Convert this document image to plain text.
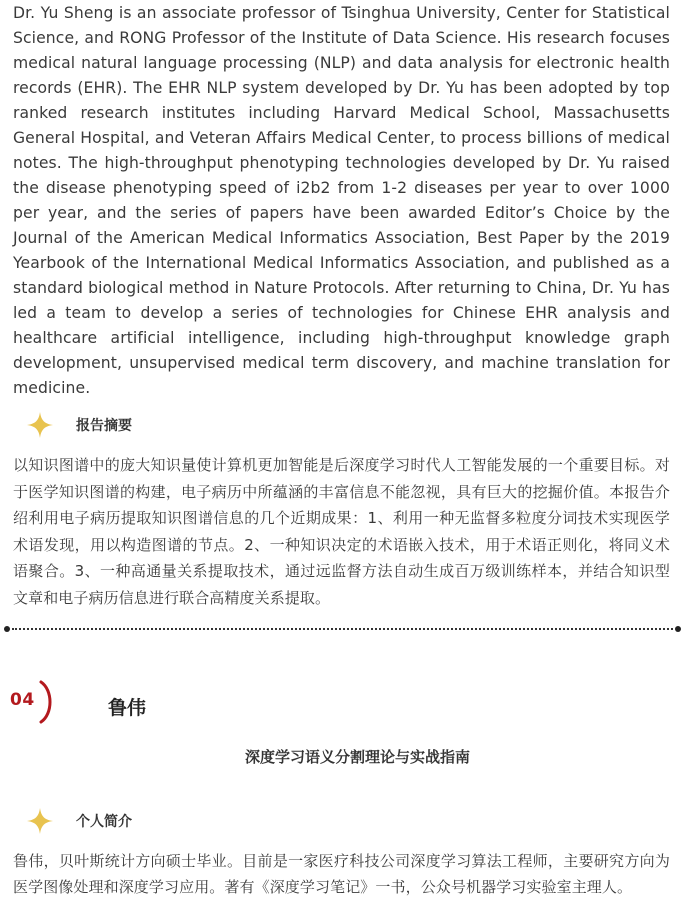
Dr. Yu Sheng is an associate professor of Tsinghua University, Center for Statistical Science, and RONG Professor of the Institute of Data Science. His research focuses medical natural language processing (NLP) and data analysis for electronic health records (EHR). The EHR NLP system developed by Dr. Yu has been adopted by top ranked research institutes including Harvard Medical School, Massachusetts General Hospital, and Veteran Affairs Medical Center, to process billions of medical notes. The high-throughput phenotyping technologies developed by Dr. Yu raised the disease phenotyping speed of i2b2 from 1-2 diseases per year to over 1000 per year, and the series of papers have been awarded Editor’s Choice by the Journal of the American Medical Informatics Association, Best Paper by the 2019 Yearbook of the International Medical Informatics Association, and published as a standard biological method in Nature Protocols. After returning to China, Dr. Yu has led a team to develop a series of technologies for Chinese EHR analysis and healthcare artificial intelligence, including high-throughput knowledge graph development, unsupervised medical term discovery, and machine translation for medicine.

报告摘要

以知识图谱中的庞大知识量使计算机更加智能是后深度学习时代人工智能发展的一个重要目标。对于医学知识图谱的构建，电子病历中所蕴涵的丰富信息不能忽视，具有巨大的挖掘价值。本报告介绍利用电子病历提取知识图谱信息的几个近期成果：1、利用一种无监督多粒度分词技术实现医学术语发现，用以构造图谱的节点。2、一种知识决定的术语嵌入技术，用于术语正则化，将同义术语聚合。3、一种高通量关系提取技术，通过远监督方法自动生成百万级训练样本，并结合知识型文章和电子病历信息进行联合高精度关系提取。

04	鲁伟
深度学习语义分割理论与实战指南
个人简介

鲁伟，贝叶斯统计方向硕士毕业。目前是一家医疗科技公司深度学习算法工程师，主要研究方向为医学图像处理和深度学习应用。著有《深度学习笔记》一书，公众号机器学习实验室主理人。
